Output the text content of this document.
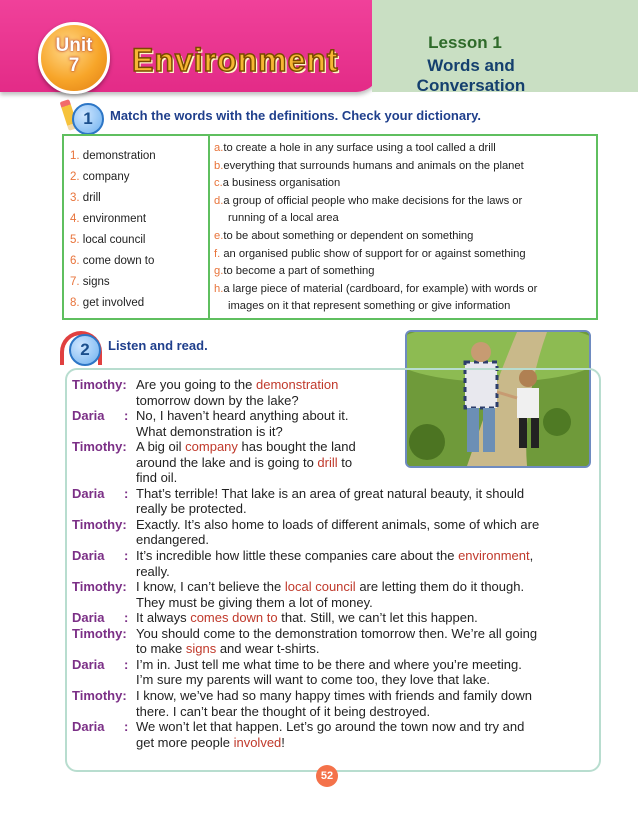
Unit
7	Environment	Lesson 1
Words and Conversation
1	Match the words with the definitions. Check your dictionary.
1. demonstration
2. company
3. drill
4. environment
5. local council
6. come down to
7. signs
8. get involved
a.to create a hole in any surface using a tool called a drill
b.everything that surrounds humans and animals on the planet
c.a business organisation
d.a group of official people who make decisions for the laws or
running of a local area
e.to be about something or dependent on something
f. an organised public show of support for or against something
g.to become a part of something
h.a large piece of material (cardboard, for example) with words or
images on it that represent something or give information
2	Listen and read.
Timothy: Are you going to the demonstration
tomorrow down by the lake?
Daria : No, I haven’t heard anything about it.
What demonstration is it?
Timothy: A big oil company has bought the land
around the lake and is going to drill to
find oil.
Daria : That’s terrible! That lake is an area of great natural beauty, it should
really be protected.
Timothy: Exactly. It’s also home to loads of different animals, some of which are
endangered.
Daria : It’s incredible how little these companies care about the environment,
really.
Timothy: I know, I can’t believe the local council are letting them do it though.
They must be giving them a lot of money.
Daria : It always comes down to that. Still, we can’t let this happen.
Timothy: You should come to the demonstration tomorrow then. We’re all going
to make signs and wear t-shirts.
Daria : I’m in. Just tell me what time to be there and where you’re meeting.
I’m sure my parents will want to come too, they love that lake.
Timothy: I know, we’ve had so many happy times with friends and family down
there. I can’t bear the thought of it being destroyed.
Daria : We won’t let that happen. Let’s go around the town now and try and
get more people involved!
52
